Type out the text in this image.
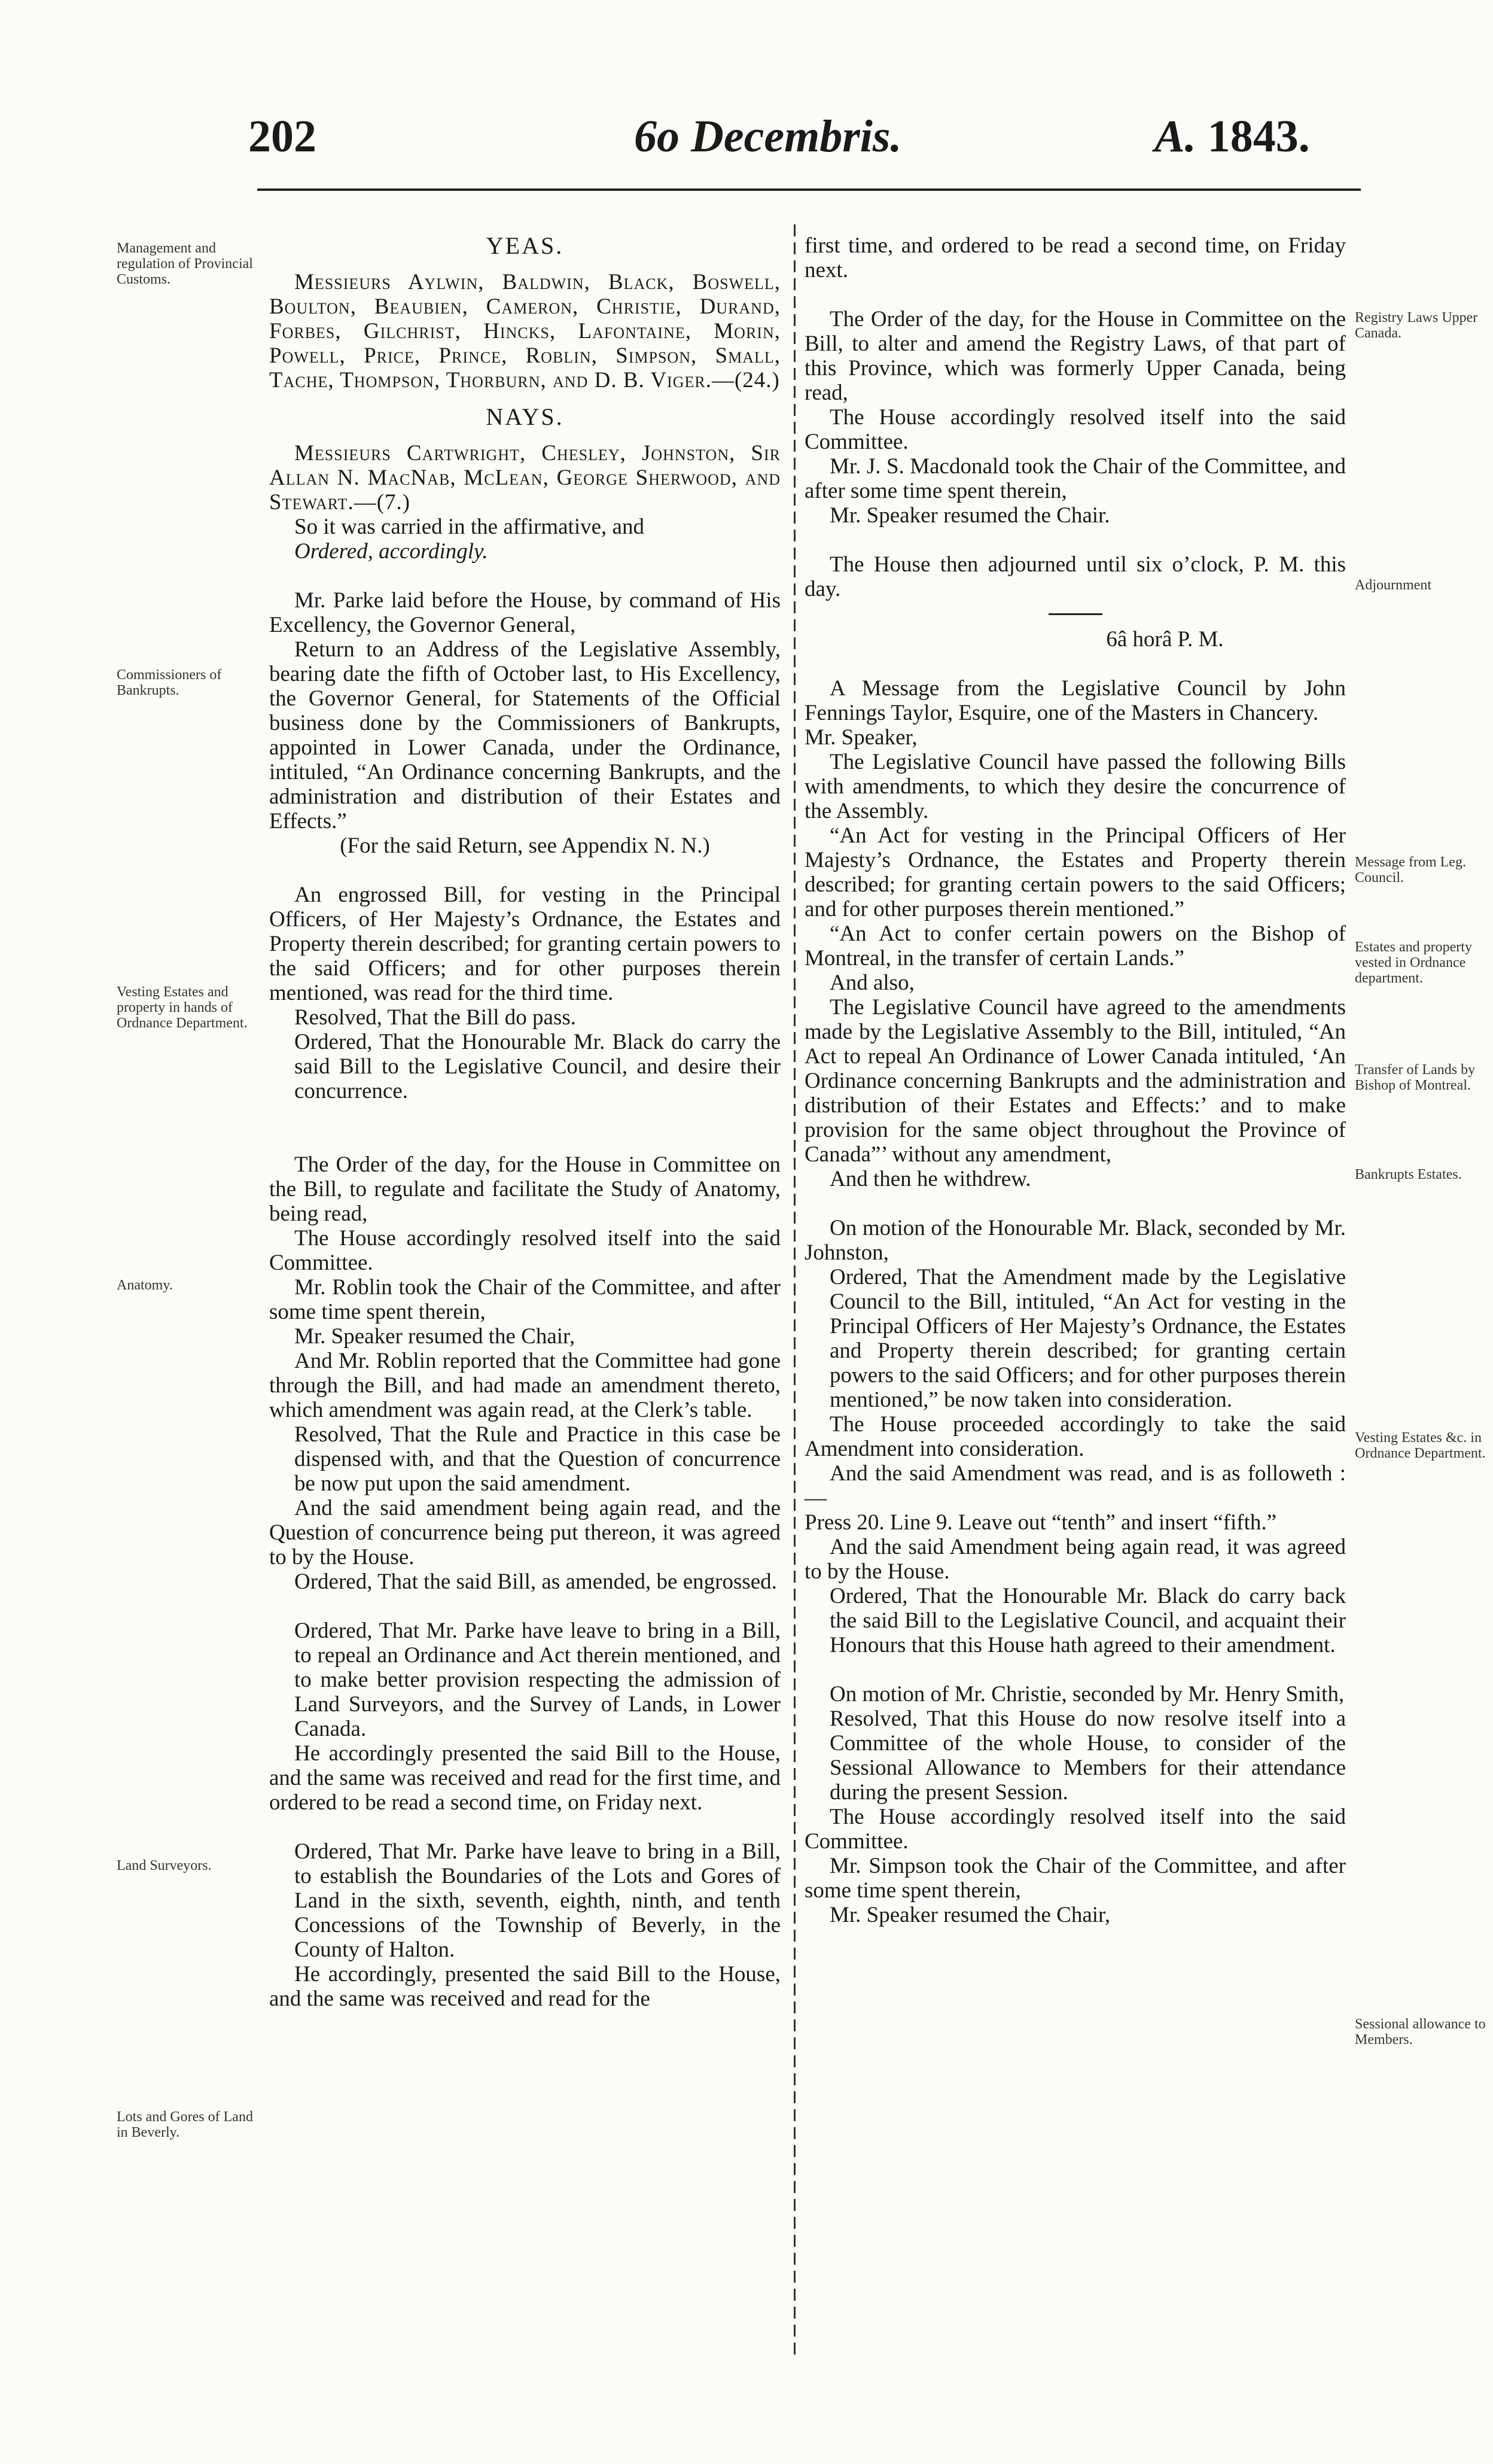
202	6o Decembris.	A. 1843.
Management and regulation of Provincial Customs.
Commissioners of Bankrupts.
Vesting Estates and property in hands of Ordnance Department.
Anatomy.
Land Surveyors.
Lots and Gores of Land in Beverly.
Registry Laws Upper Canada.
Adjournment
Message from Leg. Council.
Estates and property vested in Ordnance department.
Transfer of Lands by Bishop of Montreal.
Bankrupts Estates.
Vesting Estates &c. in Ordnance Department.
Sessional allowance to Members.

YEAS.

Messieurs Aylwin, Baldwin, Black, Boswell, Boulton, Beaubien, Cameron, Christie, Durand, Forbes, Gilchrist, Hincks, Lafontaine, Morin, Powell, Price, Prince, Roblin, Simpson, Small, Tache, Thompson, Thorburn, and D. B. Viger.—(24.)

NAYS.

Messieurs Cartwright, Chesley, Johnston, Sir Allan N. MacNab, McLean, George Sherwood, and Stewart.—(7.)

So it was carried in the affirmative, and

Ordered, accordingly.

Mr. Parke laid before the House, by command of His Excellency, the Governor General,

Return to an Address of the Legislative Assembly, bearing date the fifth of October last, to His Excellency, the Governor General, for Statements of the Official business done by the Commissioners of Bankrupts, appointed in Lower Canada, under the Ordinance, intituled, “An Ordinance concerning Bankrupts, and the administration and distribution of their Estates and Effects.”

(For the said Return, see Appendix N. N.)

An engrossed Bill, for vesting in the Principal Officers, of Her Majesty’s Ordnance, the Estates and Property therein described; for granting certain powers to the said Officers; and for other purposes therein mentioned, was read for the third time.

Resolved, That the Bill do pass.

Ordered, That the Honourable Mr. Black do carry the said Bill to the Legislative Council, and desire their concurrence.

The Order of the day, for the House in Committee on the Bill, to regulate and facilitate the Study of Anatomy, being read,

The House accordingly resolved itself into the said Committee.

Mr. Roblin took the Chair of the Committee, and after some time spent therein,

Mr. Speaker resumed the Chair,

And Mr. Roblin reported that the Committee had gone through the Bill, and had made an amendment thereto, which amendment was again read, at the Clerk’s table.

Resolved, That the Rule and Practice in this case be dispensed with, and that the Question of concurrence be now put upon the said amendment.

And the said amendment being again read, and the Question of concurrence being put thereon, it was agreed to by the House.

Ordered, That the said Bill, as amended, be engrossed.

Ordered, That Mr. Parke have leave to bring in a Bill, to repeal an Ordinance and Act therein mentioned, and to make better provision respecting the admission of Land Surveyors, and the Survey of Lands, in Lower Canada.

He accordingly presented the said Bill to the House, and the same was received and read for the first time, and ordered to be read a second time, on Friday next.

Ordered, That Mr. Parke have leave to bring in a Bill, to establish the Boundaries of the Lots and Gores of Land in the sixth, seventh, eighth, ninth, and tenth Concessions of the Township of Beverly, in the County of Halton.

He accordingly, presented the said Bill to the House, and the same was received and read for the

first time, and ordered to be read a second time, on Friday next.

The Order of the day, for the House in Committee on the Bill, to alter and amend the Registry Laws, of that part of this Province, which was formerly Upper Canada, being read,

The House accordingly resolved itself into the said Committee.

Mr. J. S. Macdonald took the Chair of the Committee, and after some time spent therein,

Mr. Speaker resumed the Chair.

The House then adjourned until six o’clock, P. M. this day.

6â horâ P. M.

A Message from the Legislative Council by John Fennings Taylor, Esquire, one of the Masters in Chancery.

Mr. Speaker,

The Legislative Council have passed the following Bills with amendments, to which they desire the concurrence of the Assembly.

“An Act for vesting in the Principal Officers of Her Majesty’s Ordnance, the Estates and Property therein described; for granting certain powers to the said Officers; and for other purposes therein mentioned.”

“An Act to confer certain powers on the Bishop of Montreal, in the transfer of certain Lands.”

And also,

The Legislative Council have agreed to the amendments made by the Legislative Assembly to the Bill, intituled, “An Act to repeal An Ordinance of Lower Canada intituled, ‘An Ordinance concerning Bankrupts and the administration and distribution of their Estates and Effects:’ and to make provision for the same object throughout the Province of Canada”’ without any amendment,

And then he withdrew.

On motion of the Honourable Mr. Black, seconded by Mr. Johnston,

Ordered, That the Amendment made by the Legislative Council to the Bill, intituled, “An Act for vesting in the Principal Officers of Her Majesty’s Ordnance, the Estates and Property therein described; for granting certain powers to the said Officers; and for other purposes therein mentioned,” be now taken into consideration.

The House proceeded accordingly to take the said Amendment into consideration.

And the said Amendment was read, and is as followeth :—

Press 20. Line 9. Leave out “tenth” and insert “fifth.”

And the said Amendment being again read, it was agreed to by the House.

Ordered, That the Honourable Mr. Black do carry back the said Bill to the Legislative Council, and acquaint their Honours that this House hath agreed to their amendment.

On motion of Mr. Christie, seconded by Mr. Henry Smith,

Resolved, That this House do now resolve itself into a Committee of the whole House, to consider of the Sessional Allowance to Members for their attendance during the present Session.

The House accordingly resolved itself into the said Committee.

Mr. Simpson took the Chair of the Committee, and after some time spent therein,

Mr. Speaker resumed the Chair,
